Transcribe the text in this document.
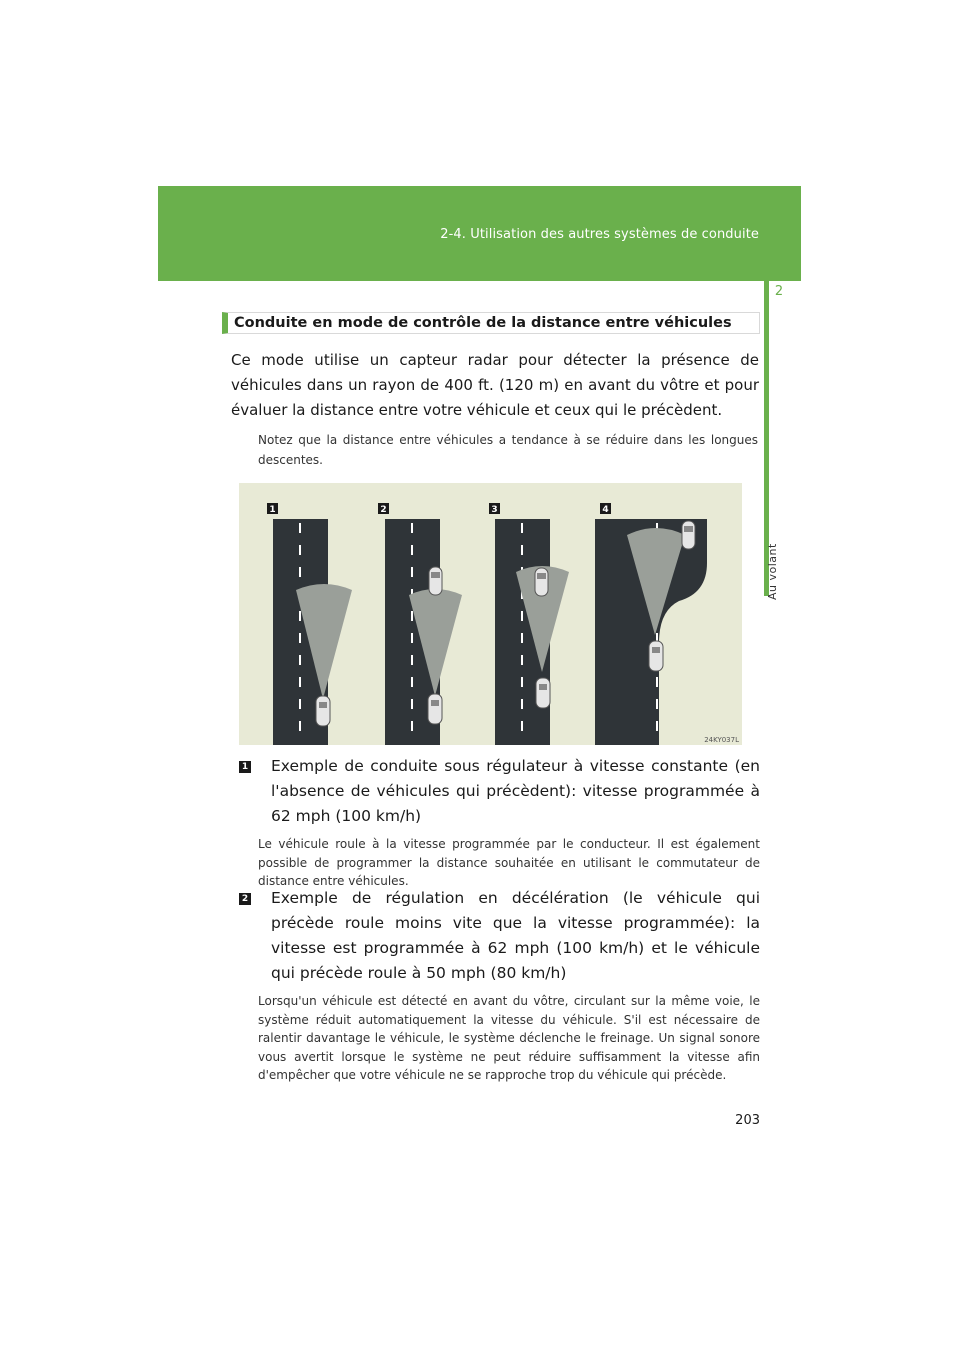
2-4. Utilisation des autres systèmes de conduite
2
Au volant
Conduite en mode de contrôle de la distance entre véhicules
Ce mode utilise un capteur radar pour détecter la présence de véhicules dans un rayon de 400 ft. (120 m) en avant du vôtre et pour évaluer la distance entre votre véhicule et ceux qui le précèdent.
Notez que la distance entre véhicules a tendance à se réduire dans les longues descentes.
1	2	3	4
24KY037L
1 Exemple de conduite sous régulateur à vitesse constante (en l'absence de véhicules qui précèdent): vitesse programmée à 62 mph (100 km/h)
Le véhicule roule à la vitesse programmée par le conducteur. Il est également possible de programmer la distance souhaitée en utilisant le commutateur de distance entre véhicules.
2 Exemple de régulation en décélération (le véhicule qui précède roule moins vite que la vitesse programmée): la vitesse est programmée à 62 mph (100 km/h) et le véhicule qui précède roule à 50 mph (80 km/h)
Lorsqu'un véhicule est détecté en avant du vôtre, circulant sur la même voie, le système réduit automatiquement la vitesse du véhicule. S'il est nécessaire de ralentir davantage le véhicule, le système déclenche le freinage. Un signal sonore vous avertit lorsque le système ne peut réduire suffisamment la vitesse afin d'empêcher que votre véhicule ne se rapproche trop du véhicule qui précède.
203
